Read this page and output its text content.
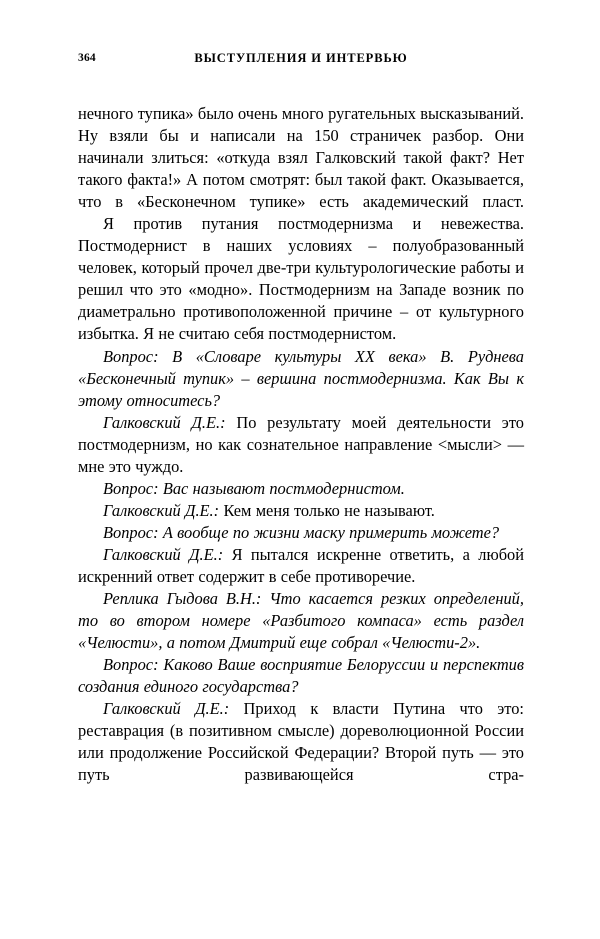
364	ВЫСТУПЛЕНИЯ И ИНТЕРВЬЮ

нечного тупика» было очень много ругательных высказываний. Ну взяли бы и написали на 150 страничек разбор. Они начинали злиться: «откуда взял Галковский такой факт? Нет такого факта!» А потом смотрят: был такой факт. Оказывается, что в «Бесконечном тупике» есть академический пласт.

Я против путания постмодернизма и невежества. Постмодернист в наших условиях – полуобразованный человек, который прочел две-три культурологические работы и решил что это «модно». Постмодернизм на Западе возник по диаметрально противоположенной причине – от культурного избытка. Я не считаю себя постмодернистом.

Вопрос: В «Словаре культуры XX века» В. Руднева «Бесконечный тупик» – вершина постмодернизма. Как Вы к этому относитесь?

Галковский Д.Е.: По результату моей деятельности это постмодернизм, но как сознательное направление <мысли> — мне это чуждо.

Вопрос: Вас называют постмодернистом.

Галковский Д.Е.: Кем меня только не называют.

Вопрос: А вообще по жизни маску примерить можете?

Галковский Д.Е.: Я пытался искренне ответить, а любой искренний ответ содержит в себе противоречие.

Реплика Гыдова В.Н.: Что касается резких определений, то во втором номере «Разбитого компаса» есть раздел «Челюсти», а потом Дмитрий еще собрал «Челюсти-2».

Вопрос: Каково Ваше восприятие Белоруссии и перспектив создания единого государства?

Галковский Д.Е.: Приход к власти Путина что это: реставрация (в позитивном смысле) дореволюционной России или продолжение Российской Федерации? Второй путь — это путь развивающейся стра-
